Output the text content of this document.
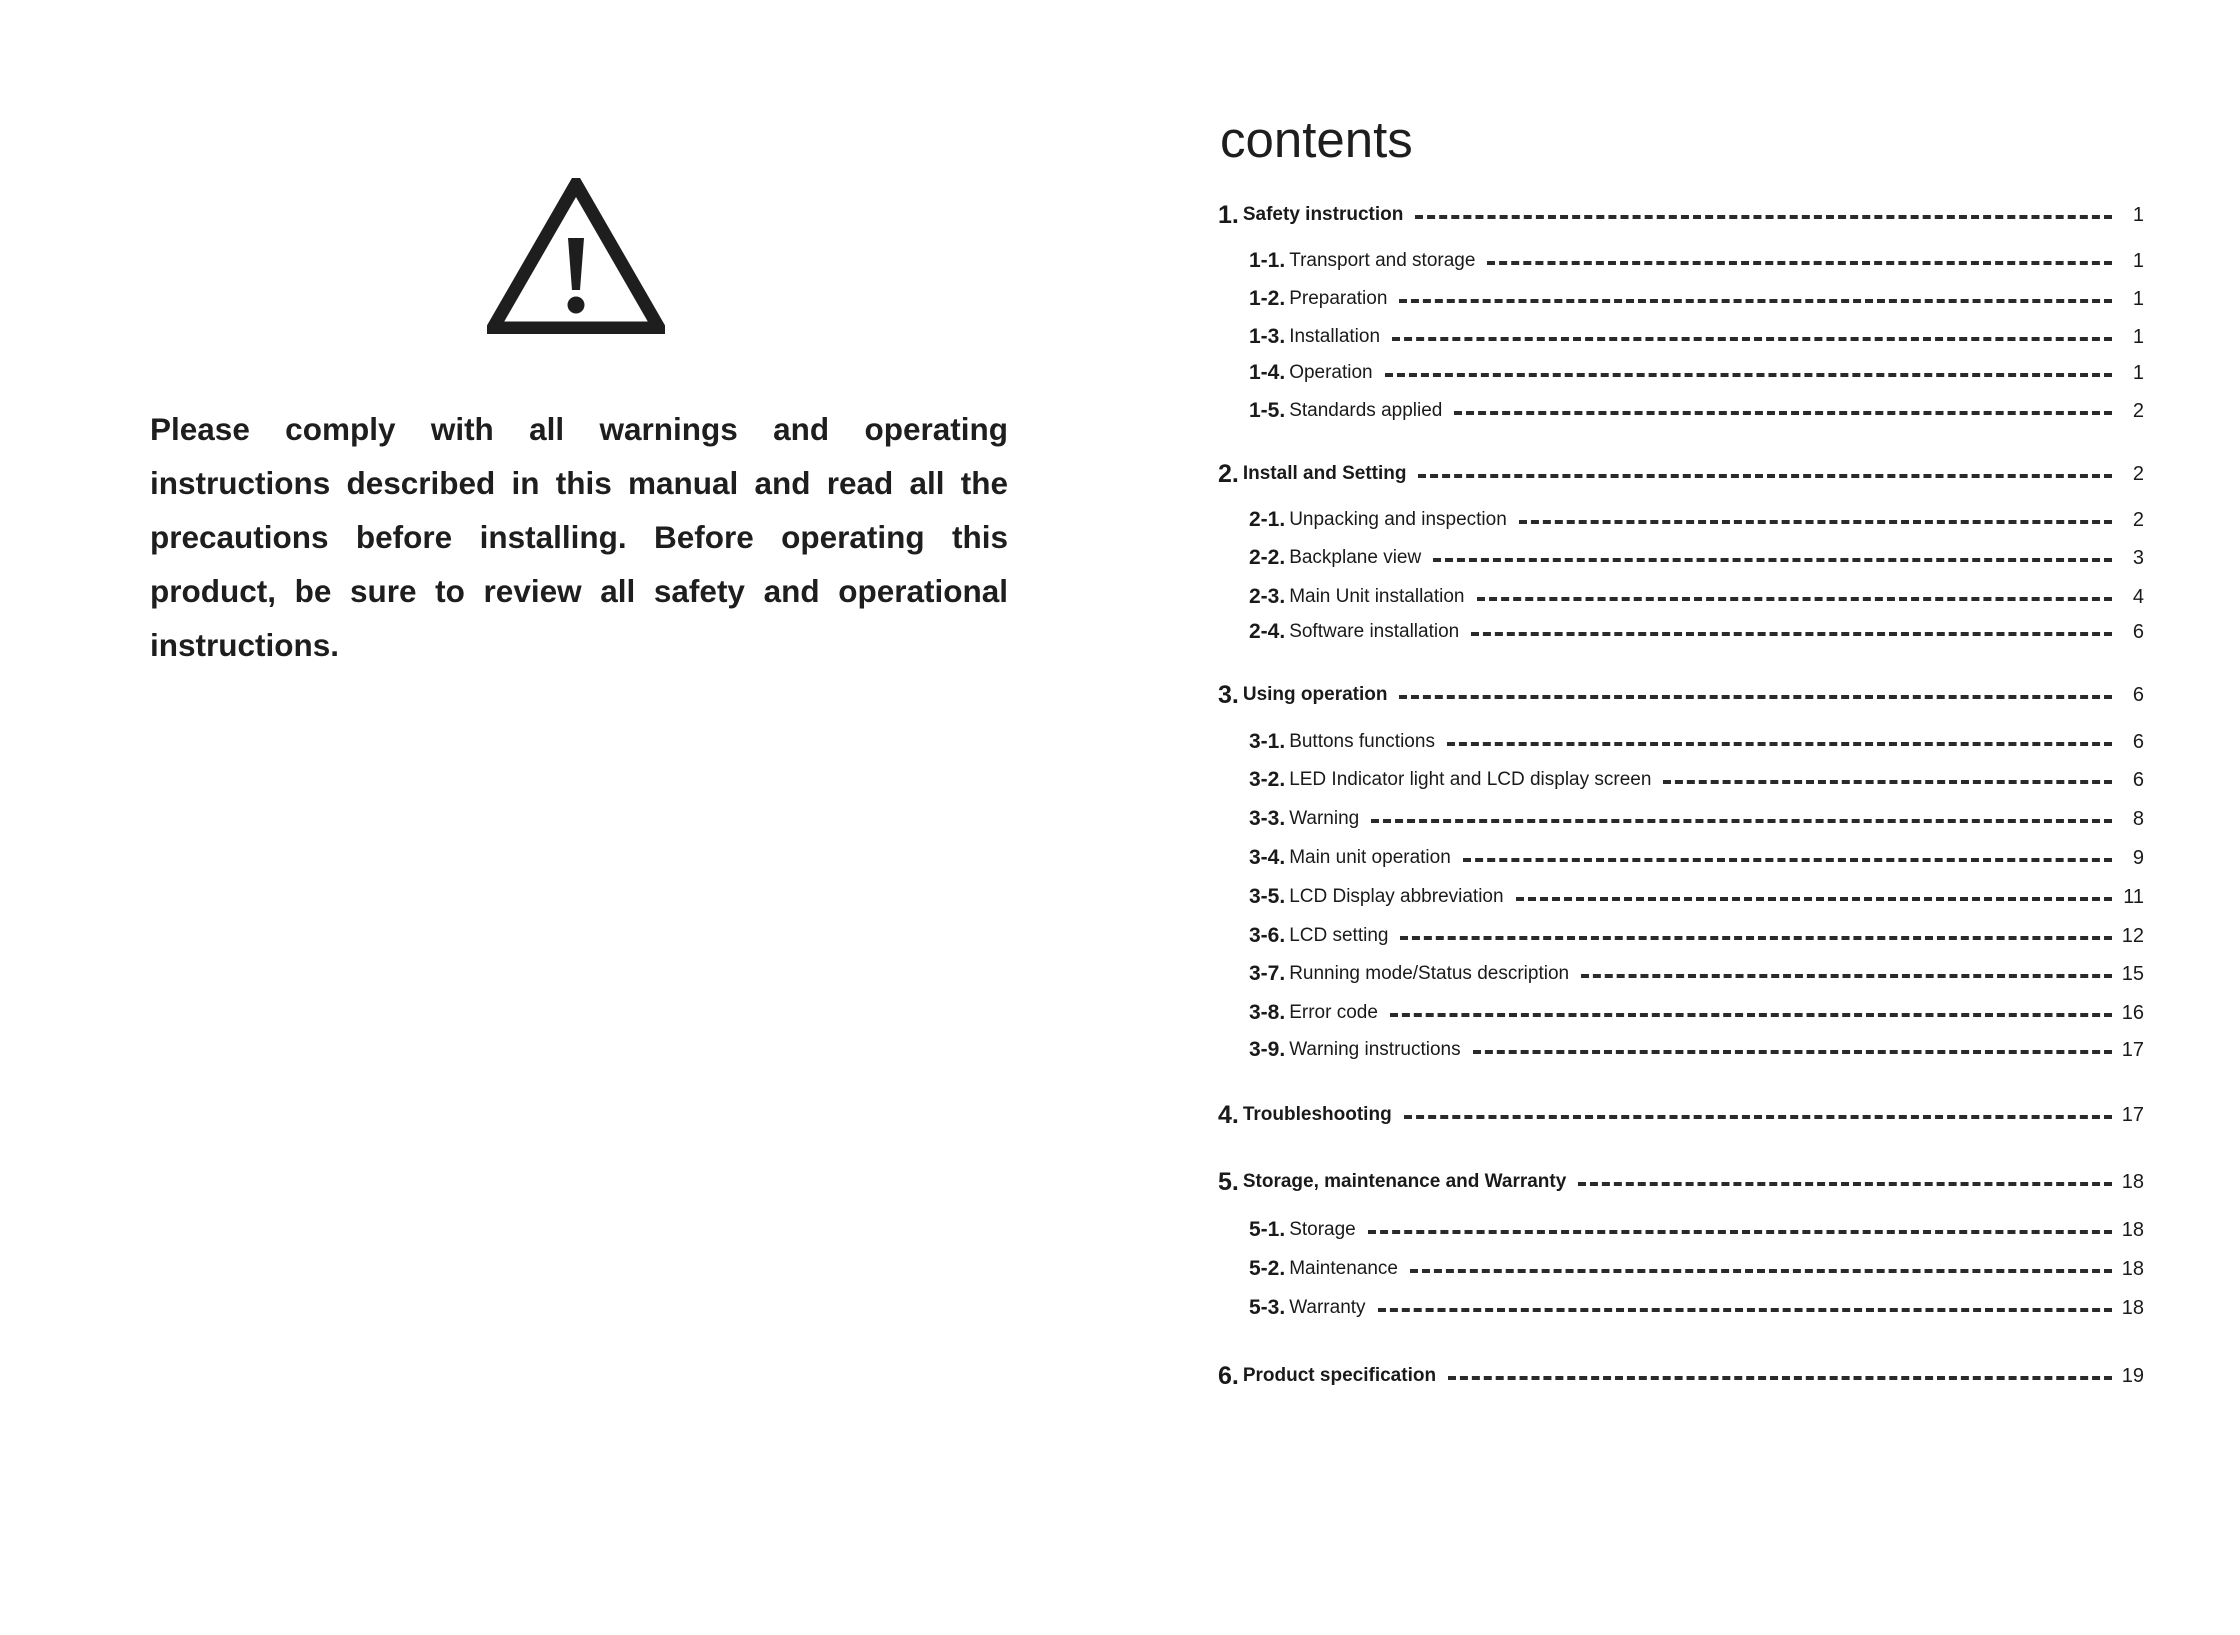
Please comply with all warnings and operating instructions described in this manual and read all the precautions before installing. Before operating this product, be sure to review all safety and operational instructions.

contents
1. Safety instruction	1
1-1. Transport and storage	1
1-2. Preparation	1
1-3. Installation	1
1-4. Operation	1
1-5. Standards applied	2
2. Install and Setting	2
2-1. Unpacking and inspection	2
2-2. Backplane view	3
2-3. Main Unit installation	4
2-4. Software installation	6
3. Using operation	6
3-1. Buttons functions	6
3-2. LED Indicator light and LCD display screen	6
3-3. Warning	8
3-4. Main unit operation	9
3-5. LCD Display abbreviation	11
3-6. LCD setting	12
3-7. Running mode/Status description	15
3-8. Error code	16
3-9. Warning instructions	17
4. Troubleshooting	17
5. Storage, maintenance and Warranty	18
5-1. Storage	18
5-2. Maintenance	18
5-3. Warranty	18
6. Product specification	19
